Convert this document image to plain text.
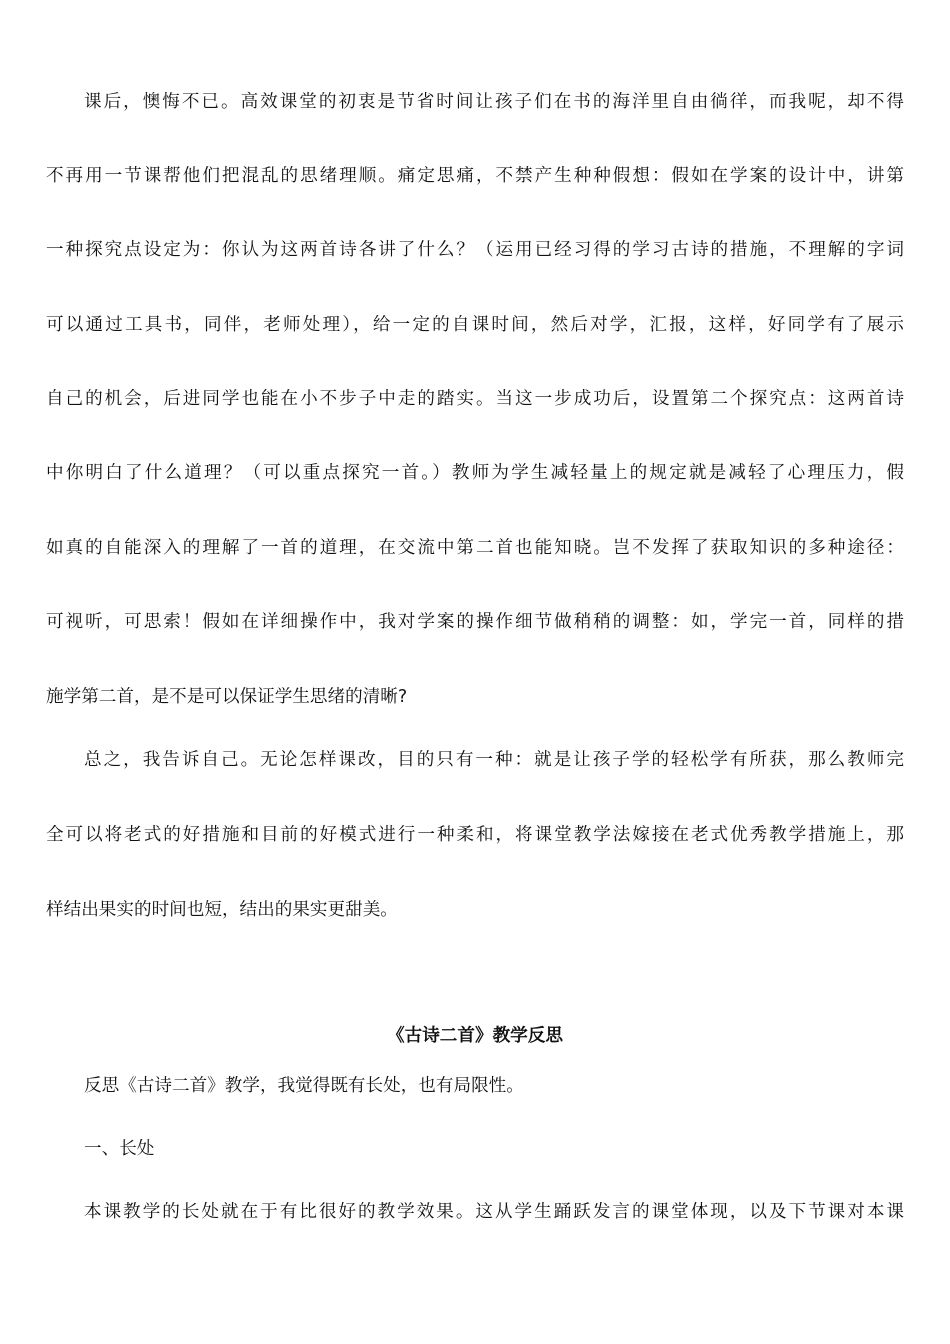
课后，懊悔不已。高效课堂的初衷是节省时间让孩子们在书的海洋里自由徜徉，而我呢，却不得
不再用一节课帮他们把混乱的思绪理顺。痛定思痛，不禁产生种种假想：假如在学案的设计中，讲第
一种探究点设定为：你认为这两首诗各讲了什么？（运用已经习得的学习古诗的措施，不理解的字词
可以通过工具书，同伴，老师处理），给一定的自课时间，然后对学，汇报，这样，好同学有了展示
自己的机会，后进同学也能在小不步子中走的踏实。当这一步成功后，设置第二个探究点：这两首诗
中你明白了什么道理？（可以重点探究一首。）教师为学生减轻量上的规定就是减轻了心理压力，假
如真的自能深入的理解了一首的道理，在交流中第二首也能知晓。岂不发挥了获取知识的多种途径：
可视听，可思索！假如在详细操作中，我对学案的操作细节做稍稍的调整：如，学完一首，同样的措
施学第二首，是不是可以保证学生思绪的清晰?
总之，我告诉自己。无论怎样课改，目的只有一种：就是让孩子学的轻松学有所获，那么教师完
全可以将老式的好措施和目前的好模式进行一种柔和，将课堂教学法嫁接在老式优秀教学措施上，那
样结出果实的时间也短，结出的果实更甜美。
《古诗二首》教学反思
反思《古诗二首》教学，我觉得既有长处，也有局限性。
一、长处
本课教学的长处就在于有比很好的教学效果。这从学生踊跃发言的课堂体现，以及下节课对本课
